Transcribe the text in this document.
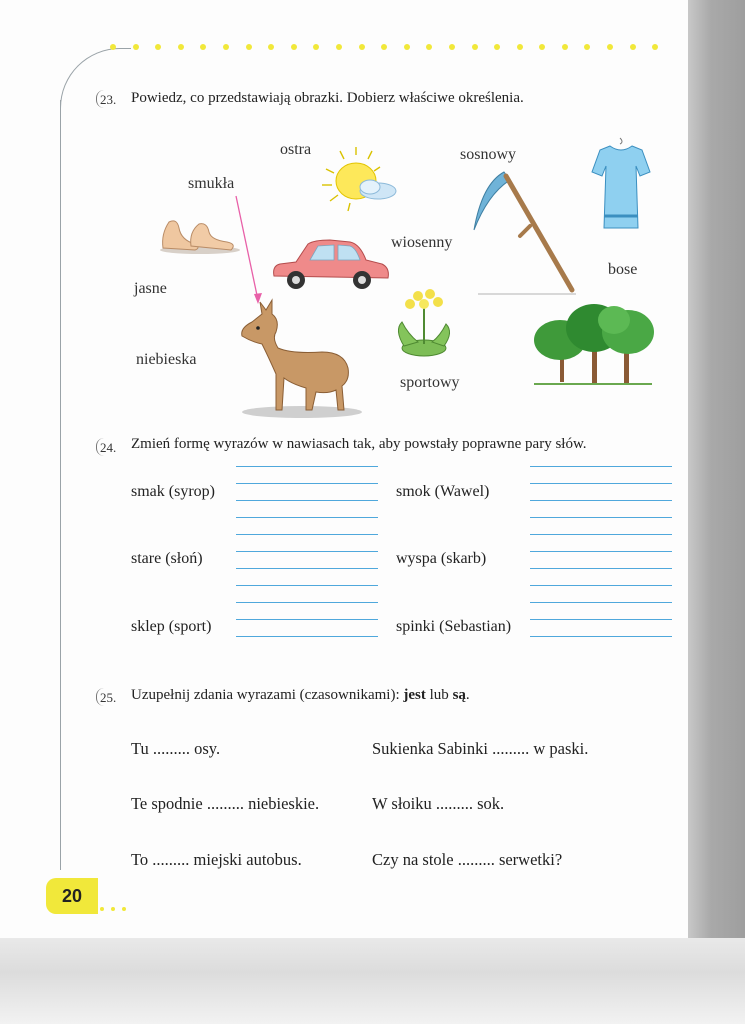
23. Powiedz, co przedstawiają obrazki. Dobierz właściwe określenia.
ostra	sosnowy
smukła
wiosenny
jasne
bose
niebieska
sportowy
24. Zmień formę wyrazów w nawiasach tak, aby powstały poprawne pary słów.
smak (syrop)
stare (słoń)
sklep (sport)
smok (Wawel)
wyspa (skarb)
spinki (Sebastian)
25. Uzupełnij zdania wyrazami (czasownikami): jest lub są.
Tu ......... osy.
Te spodnie ......... niebieskie.
To ......... miejski autobus.
Sukienka Sabinki ......... w paski.
W słoiku ......... sok.
Czy na stole ......... serwetki?
20
